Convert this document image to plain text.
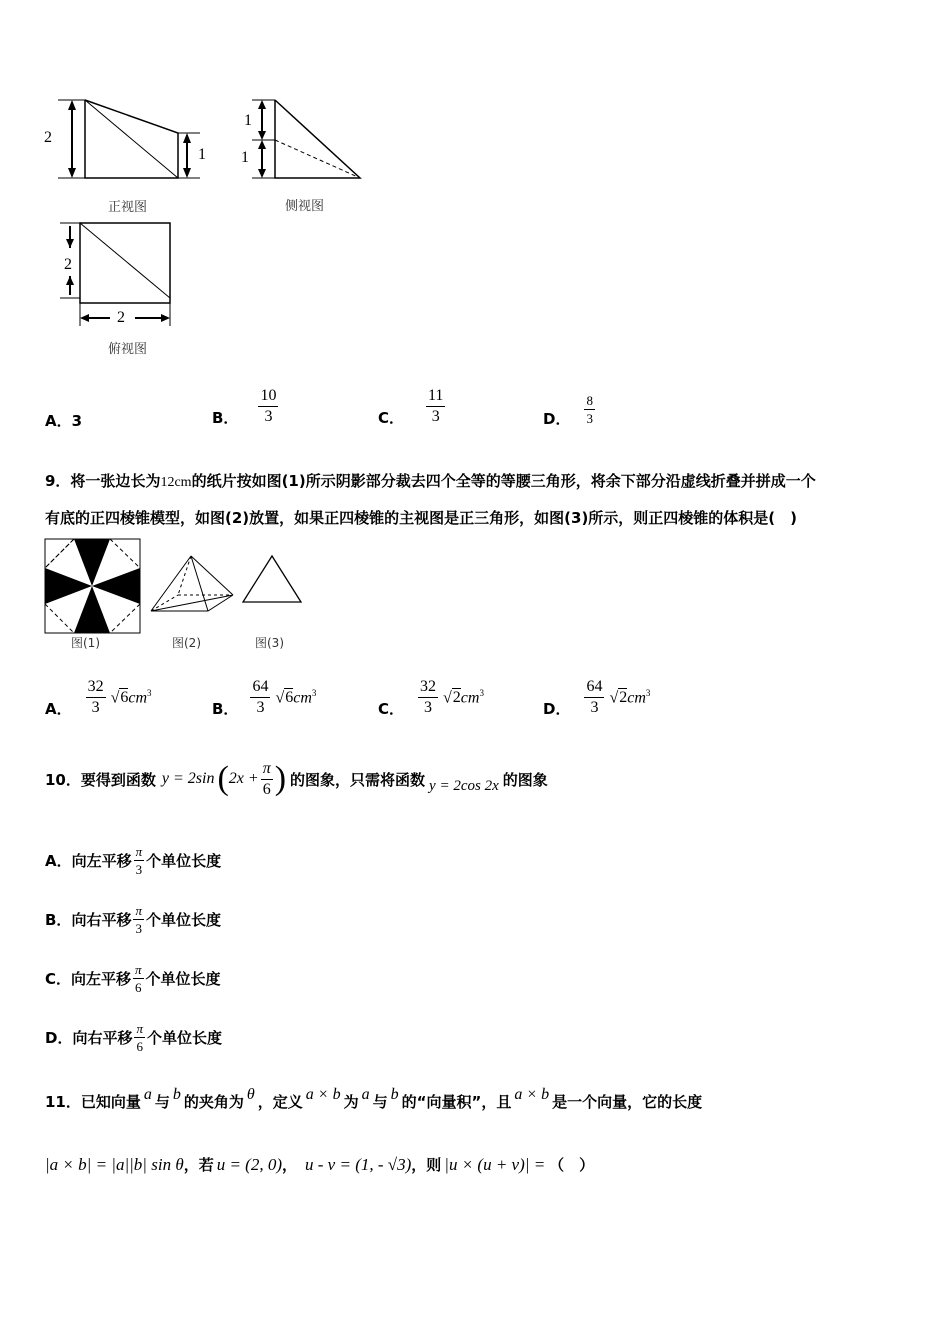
2
1
正视图
1
1
侧视图
2
2
俯视图
A．3	B． $\frac{10}{3}$	C． $\frac{11}{3}$	D． $\frac{8}{3}$
9．将一张边长为12cm的纸片按如图(1)所示阴影部分裁去四个全等的等腰三角形，将余下部分沿虚线折叠并拼成一个
有底的正四棱锥模型，如图(2)放置，如果正四棱锥的主视图是正三角形，如图(3)所示，则正四棱锥的体积是(　)
图(1)	图(2)	图(3)
A． $\frac{32}{3} √6cm^3$
B． $\frac{64}{3} √6cm^3$
C． $\frac{32}{3} √2cm^3$
D． $\frac{64}{3} √2cm^3$
10．要得到函数 y = 2sin ( $2x + \frac{\pi}{6}$ ) 的图象，只需将函数 y = 2cos 2x 的图象
A． 向左平移 $\frac{\pi}{3}$ 个单位长度
B． 向右平移 $\frac{\pi}{3}$ 个单位长度
C． 向左平移 $\frac{\pi}{6}$ 个单位长度
D． 向右平移 $\frac{\pi}{6}$ 个单位长度
11．已知向量 a 与 b 的夹角为 θ ，定义 a × b 为 a 与 b 的“向量积”，且 a × b 是一个向量，它的长度
|a × b| = |a||b| sin θ ，若 u = (2, 0) ， u - v = (1, - √3) ，则 |u × (u + v)| = （　）
